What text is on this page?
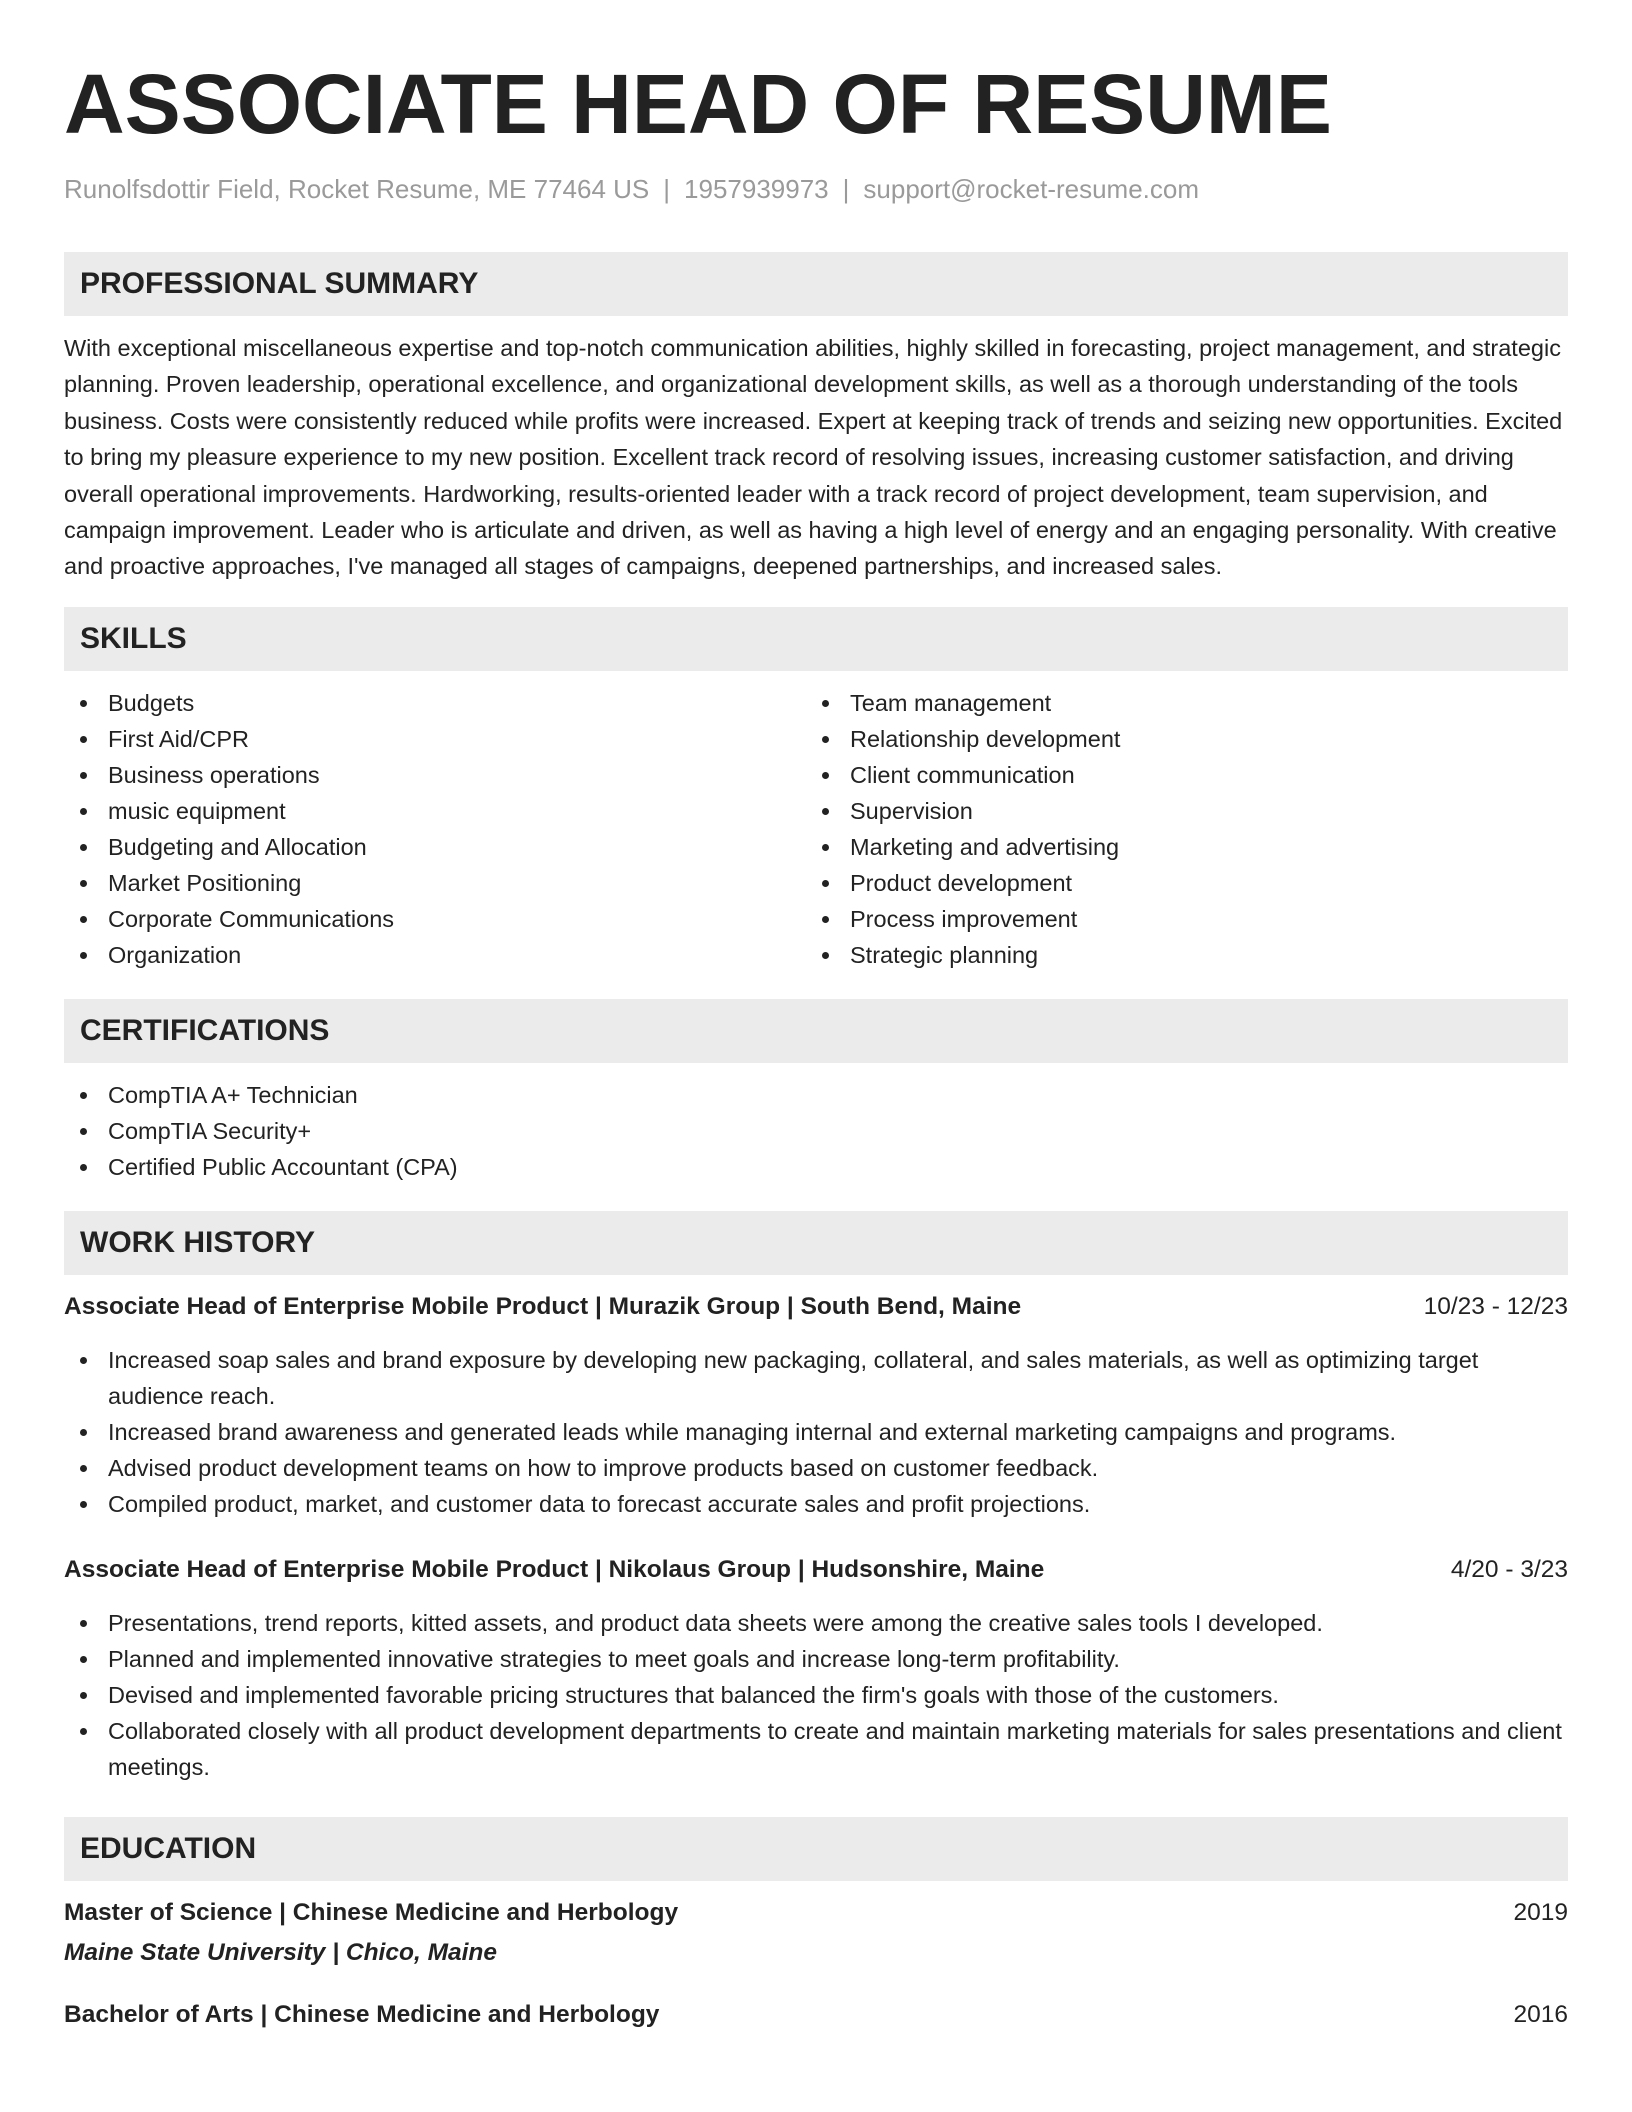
ASSOCIATE HEAD OF RESUME
Runolfsdottir Field, Rocket Resume, ME 77464 US | 1957939973 | support@rocket-resume.com
PROFESSIONAL SUMMARY

With exceptional miscellaneous expertise and top-notch communication abilities, highly skilled in forecasting, project management, and strategic planning. Proven leadership, operational excellence, and organizational development skills, as well as a thorough understanding of the tools business. Costs were consistently reduced while profits were increased. Expert at keeping track of trends and seizing new opportunities. Excited to bring my pleasure experience to my new position. Excellent track record of resolving issues, increasing customer satisfaction, and driving overall operational improvements. Hardworking, results-oriented leader with a track record of project development, team supervision, and campaign improvement. Leader who is articulate and driven, as well as having a high level of energy and an engaging personality. With creative and proactive approaches, I've managed all stages of campaigns, deepened partnerships, and increased sales.

SKILLS
Budgets
First Aid/CPR
Business operations
music equipment
Budgeting and Allocation
Market Positioning
Corporate Communications
Organization
Team management
Relationship development
Client communication
Supervision
Marketing and advertising
Product development
Process improvement
Strategic planning
CERTIFICATIONS
CompTIA A+ Technician
CompTIA Security+
Certified Public Accountant (CPA)
WORK HISTORY
Associate Head of Enterprise Mobile Product | Murazik Group | South Bend, Maine	10/23 - 12/23
Increased soap sales and brand exposure by developing new packaging, collateral, and sales materials, as well as optimizing target audience reach.
Increased brand awareness and generated leads while managing internal and external marketing campaigns and programs.
Advised product development teams on how to improve products based on customer feedback.
Compiled product, market, and customer data to forecast accurate sales and profit projections.
Associate Head of Enterprise Mobile Product | Nikolaus Group | Hudsonshire, Maine	4/20 - 3/23
Presentations, trend reports, kitted assets, and product data sheets were among the creative sales tools I developed.
Planned and implemented innovative strategies to meet goals and increase long-term profitability.
Devised and implemented favorable pricing structures that balanced the firm's goals with those of the customers.
Collaborated closely with all product development departments to create and maintain marketing materials for sales presentations and client meetings.
EDUCATION
Master of Science | Chinese Medicine and Herbology	2019
Maine State University | Chico, Maine
Bachelor of Arts | Chinese Medicine and Herbology	2016
